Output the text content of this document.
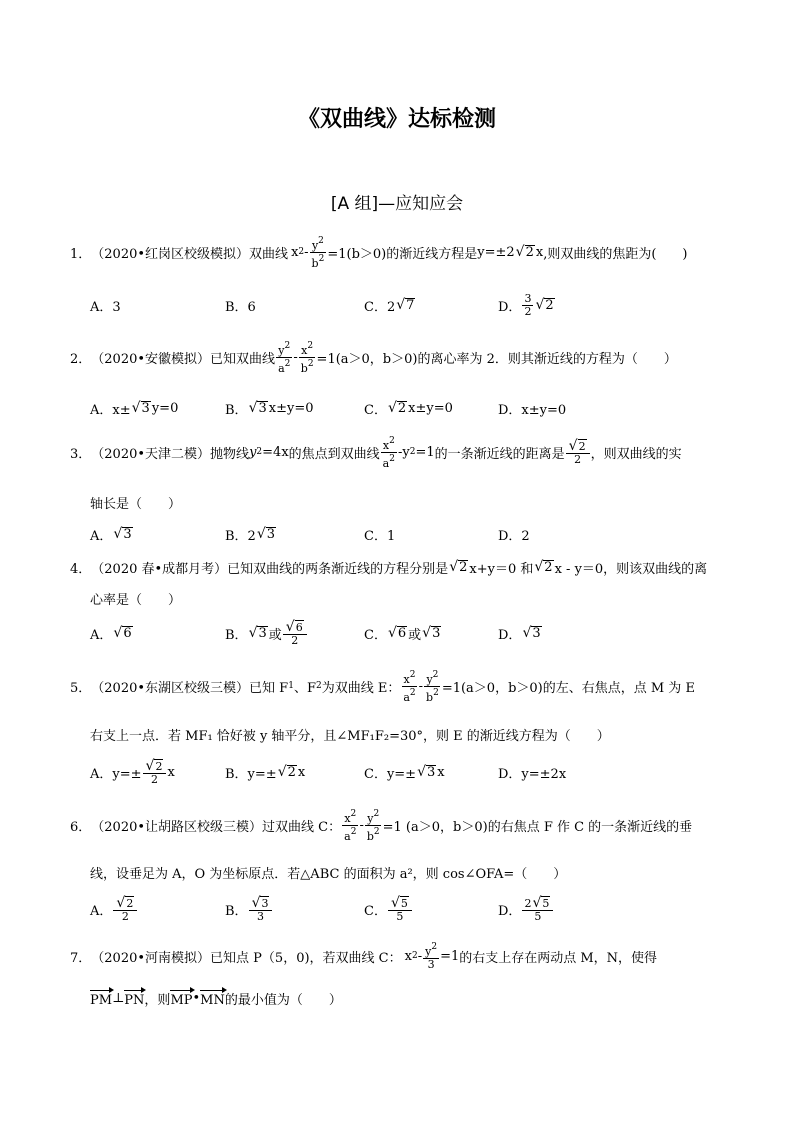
《双曲线》达标检测
[A 组]—应知应会
1． （2020•红岗区校级模拟） 双曲线 x $2 - \frac{y^2}{b^2} =1(b>0)$ 的渐近线方程是 y=±2 √ 2 x ,则双曲线的焦距为(　　)
A．3	B．6	C．2 √ 7	D． $\frac{3}{2}$ √ 2
2． （2020•安徽模拟） 已知双曲线 $\frac{y^2}{a^2} - \frac{x^2}{b^2} =1(a>0$，b＞0) 的离心率为 2．则其渐近线的方程为（　　）
A．x± √ 3 y=0	B． √ 3 x±y=0	C． √ 2 x±y=0	D．x±y=0
3． （2020•天津二模） 抛物线 y 2 =4x 的焦点到双曲线 $\frac{x^2}{a^2} -y$ 2 =1 的一条渐近线的距离是 $\frac{√ 2}{2}$ ，则双曲线的实
轴长是（　　）
A． √ 3	B．2 √ 3	C．1	D．2
4． （2020 春•成都月考） 已知双曲线的两条渐近线的方程分别是 √ 2 x+y＝0 和 √ 2 x - y＝0，则该双曲线的离
心率是（　　）
A． √ 6	B． √ 3 或 $\frac{√ 6}{2}$	C． √ 6 或 √ 3	D． √ 3
5． （2020•东湖区校级三模） 已知 F 1 、F 2 为双曲线 E： $\frac{x^2}{a^2} - \frac{y^2}{b^2} =1(a>0$，b＞0) 的左、右焦点，点 M 为 E
右支上一点．若 MF₁ 恰好被 y 轴平分，且∠MF₁F₂=30°，则 E 的渐近线方程为（　　）
A．$y=\pm \frac{√ 2}{2}$ x	B．y=± √ 2 x	C．y=± √ 3 x	D．y=±2x
6． （2020•让胡路区校级三模） 过双曲线 C： $\frac{x^2}{a^2} - \frac{y^2}{b^2} =1$ (a＞0，b＞0) 的右焦点 F 作 C 的一条渐近线的垂
线，设垂足为 A，O 为坐标原点．若△ABC 的面积为 a²，则 cos∠OFA=（　　）
A． $\frac{√ 2}{2}$	B． $\frac{√ 3}{3}$	C． $\frac{√ 5}{5}$	D． $\frac{2 √ 5}{5}$
7． （2020•河南模拟） 已知点 P（5，0)，若双曲线 C： x $2 - \frac{y^2}{3} =1$ 的右支上存在两动点 M，N，使得
PM ⊥ PN ，则 MP • MN 的最小值为（　　）
